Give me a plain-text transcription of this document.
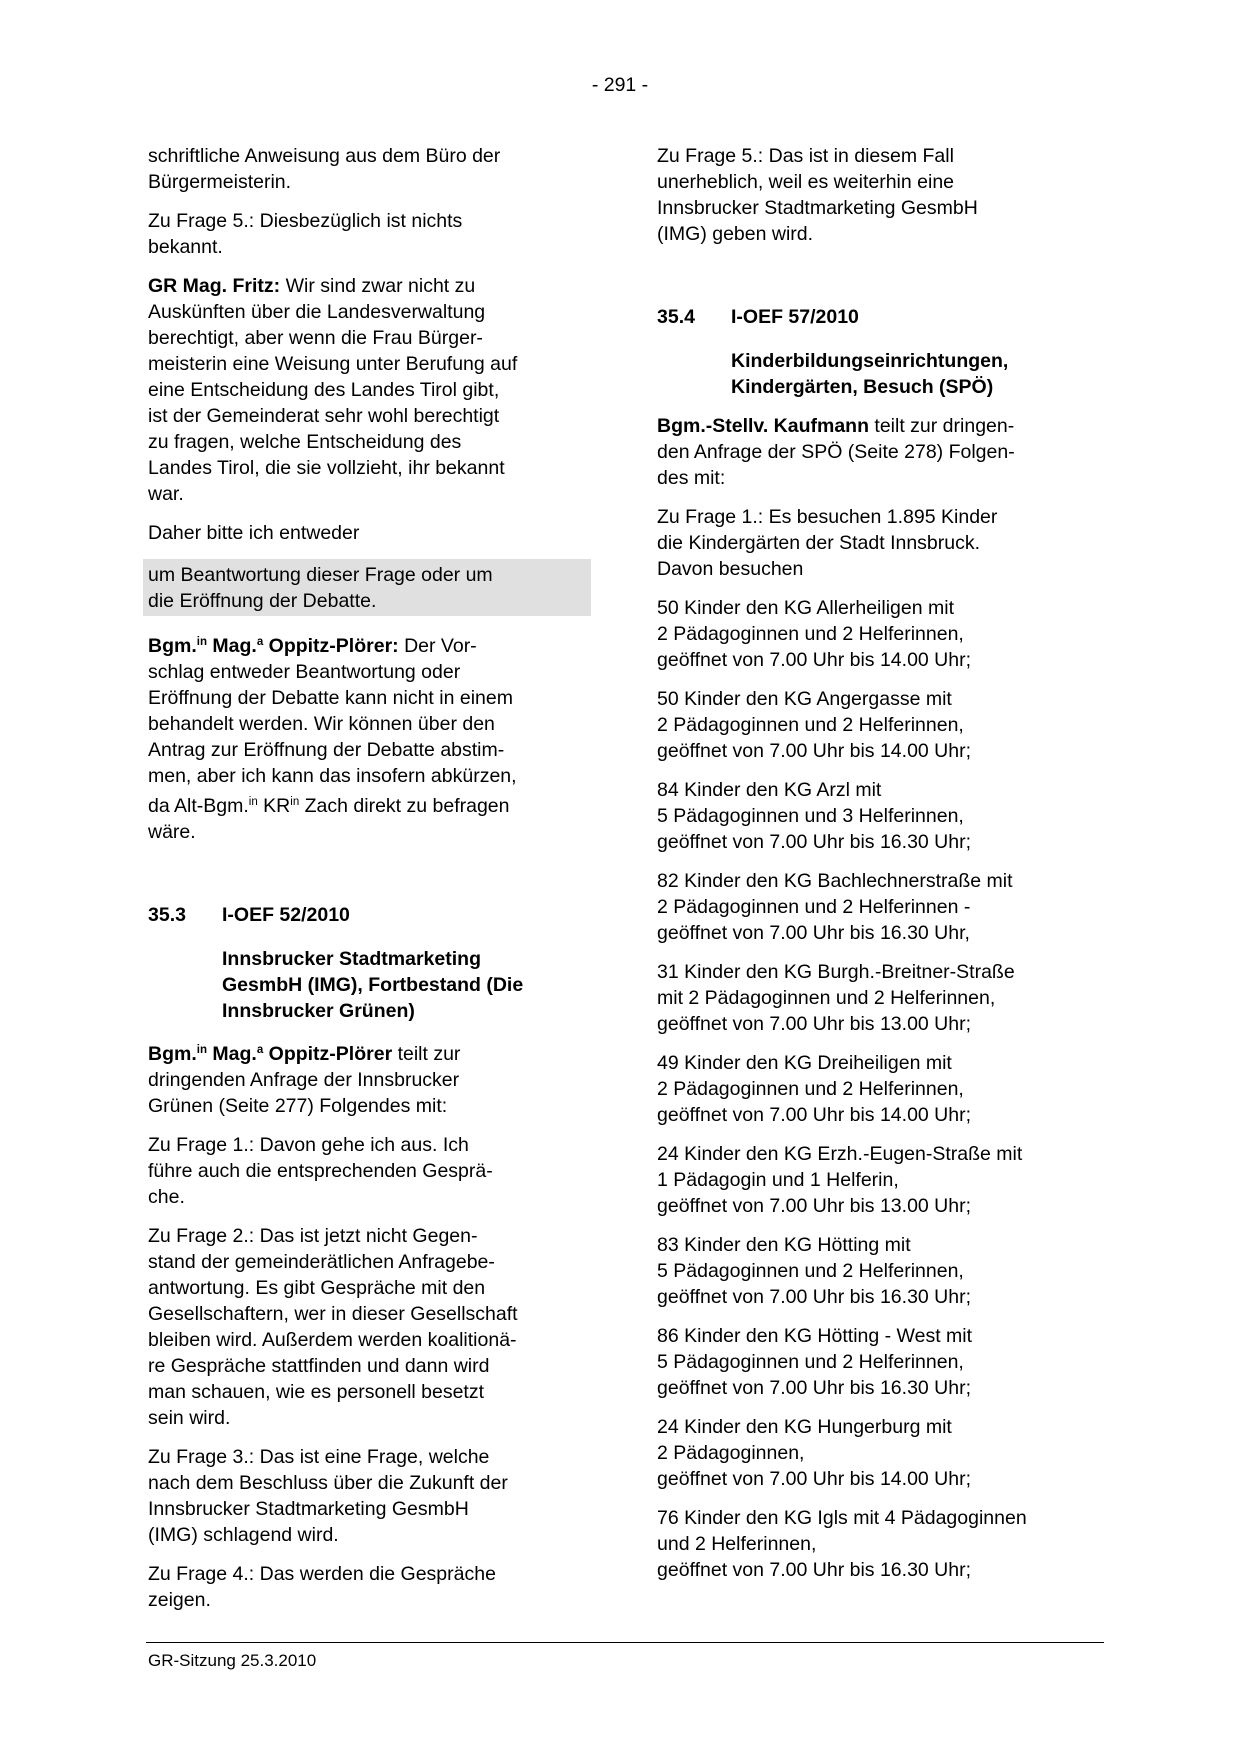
- 291 -
schriftliche Anweisung aus dem Büro der
Bürgermeisterin.
Zu Frage 5.: Diesbezüglich ist nichts
bekannt.
GR Mag. Fritz: Wir sind zwar nicht zu
Auskünften über die Landesverwaltung
berechtigt, aber wenn die Frau Bürger-
meisterin eine Weisung unter Berufung auf
eine Entscheidung des Landes Tirol gibt,
ist der Gemeinderat sehr wohl berechtigt
zu fragen, welche Entscheidung des
Landes Tirol, die sie vollzieht, ihr bekannt
war.
Daher bitte ich entweder
um Beantwortung dieser Frage oder um
die Eröffnung der Debatte.
Bgm.$^{in}$ Mag.$^a$ Oppitz-Plörer: Der Vor-
schlag entweder Beantwortung oder
Eröffnung der Debatte kann nicht in einem
behandelt werden. Wir können über den
Antrag zur Eröffnung der Debatte abstim-
men, aber ich kann das insofern abkürzen,
da Alt-Bgm.$^{in}$ $KR^{in}$ Zach direkt zu befragen
wäre.
35.3	I-OEF 52/2010
Innsbrucker Stadtmarketing
GesmbH (IMG), Fortbestand (Die
Innsbrucker Grünen)
Bgm.$^{in}$ Mag.$^a$ Oppitz-Plörer teilt zur
dringenden Anfrage der Innsbrucker
Grünen (Seite 277) Folgendes mit:
Zu Frage 1.: Davon gehe ich aus. Ich
führe auch die entsprechenden Gesprä-
che.
Zu Frage 2.: Das ist jetzt nicht Gegen-
stand der gemeinderätlichen Anfragebe-
antwortung. Es gibt Gespräche mit den
Gesellschaftern, wer in dieser Gesellschaft
bleiben wird. Außerdem werden koalitionä-
re Gespräche stattfinden und dann wird
man schauen, wie es personell besetzt
sein wird.
Zu Frage 3.: Das ist eine Frage, welche
nach dem Beschluss über die Zukunft der
Innsbrucker Stadtmarketing GesmbH
(IMG) schlagend wird.
Zu Frage 4.: Das werden die Gespräche
zeigen.
Zu Frage 5.: Das ist in diesem Fall
unerheblich, weil es weiterhin eine
Innsbrucker Stadtmarketing GesmbH
(IMG) geben wird.
35.4	I-OEF 57/2010
Kinderbildungseinrichtungen,
Kindergärten, Besuch (SPÖ)
Bgm.-Stellv. Kaufmann teilt zur dringen-
den Anfrage der SPÖ (Seite 278) Folgen-
des mit:
Zu Frage 1.: Es besuchen 1.895 Kinder
die Kindergärten der Stadt Innsbruck.
Davon besuchen
50 Kinder den KG Allerheiligen mit
2 Pädagoginnen und 2 Helferinnen,
geöffnet von 7.00 Uhr bis 14.00 Uhr;
50 Kinder den KG Angergasse mit
2 Pädagoginnen und 2 Helferinnen,
geöffnet von 7.00 Uhr bis 14.00 Uhr;
84 Kinder den KG Arzl mit
5 Pädagoginnen und 3 Helferinnen,
geöffnet von 7.00 Uhr bis 16.30 Uhr;
82 Kinder den KG Bachlechnerstraße mit
2 Pädagoginnen und 2 Helferinnen -
geöffnet von 7.00 Uhr bis 16.30 Uhr,
31 Kinder den KG Burgh.-Breitner-Straße
mit 2 Pädagoginnen und 2 Helferinnen,
geöffnet von 7.00 Uhr bis 13.00 Uhr;
49 Kinder den KG Dreiheiligen mit
2 Pädagoginnen und 2 Helferinnen,
geöffnet von 7.00 Uhr bis 14.00 Uhr;
24 Kinder den KG Erzh.-Eugen-Straße mit
1 Pädagogin und 1 Helferin,
geöffnet von 7.00 Uhr bis 13.00 Uhr;
83 Kinder den KG Hötting mit
5 Pädagoginnen und 2 Helferinnen,
geöffnet von 7.00 Uhr bis 16.30 Uhr;
86 Kinder den KG Hötting - West mit
5 Pädagoginnen und 2 Helferinnen,
geöffnet von 7.00 Uhr bis 16.30 Uhr;
24 Kinder den KG Hungerburg mit
2 Pädagoginnen,
geöffnet von 7.00 Uhr bis 14.00 Uhr;
76 Kinder den KG Igls mit 4 Pädagoginnen
und 2 Helferinnen,
geöffnet von 7.00 Uhr bis 16.30 Uhr;
GR-Sitzung 25.3.2010
